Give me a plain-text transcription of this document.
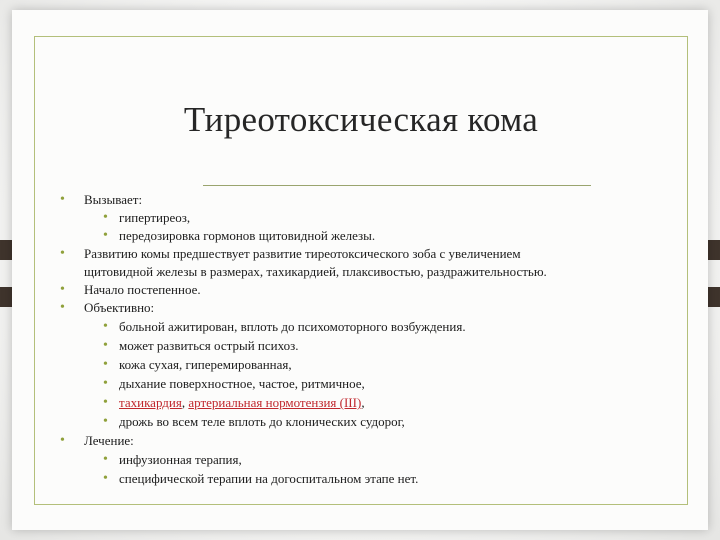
Тиреотоксическая кома
• Вызывает:
• гипертиреоз,
• передозировка гормонов щитовидной железы.
• Развитию комы предшествует развитие тиреотоксического зоба с увеличением
щитовидной железы в размерах, тахикардией, плаксивостью, раздражительностью.
• Начало постепенное.
• Объективно:
• больной ажитирован, вплоть до психомоторного возбуждения.
• может развиться острый психоз.
• кожа сухая, гиперемированная,
• дыхание поверхностное, частое, ритмичное,
• тахикардия, артериальная нормотензия (III),
• дрожь во всем теле вплоть до клонических судорог,
• Лечение:
• инфузионная терапия,
• специфической терапии на догоспитальном этапе нет.
